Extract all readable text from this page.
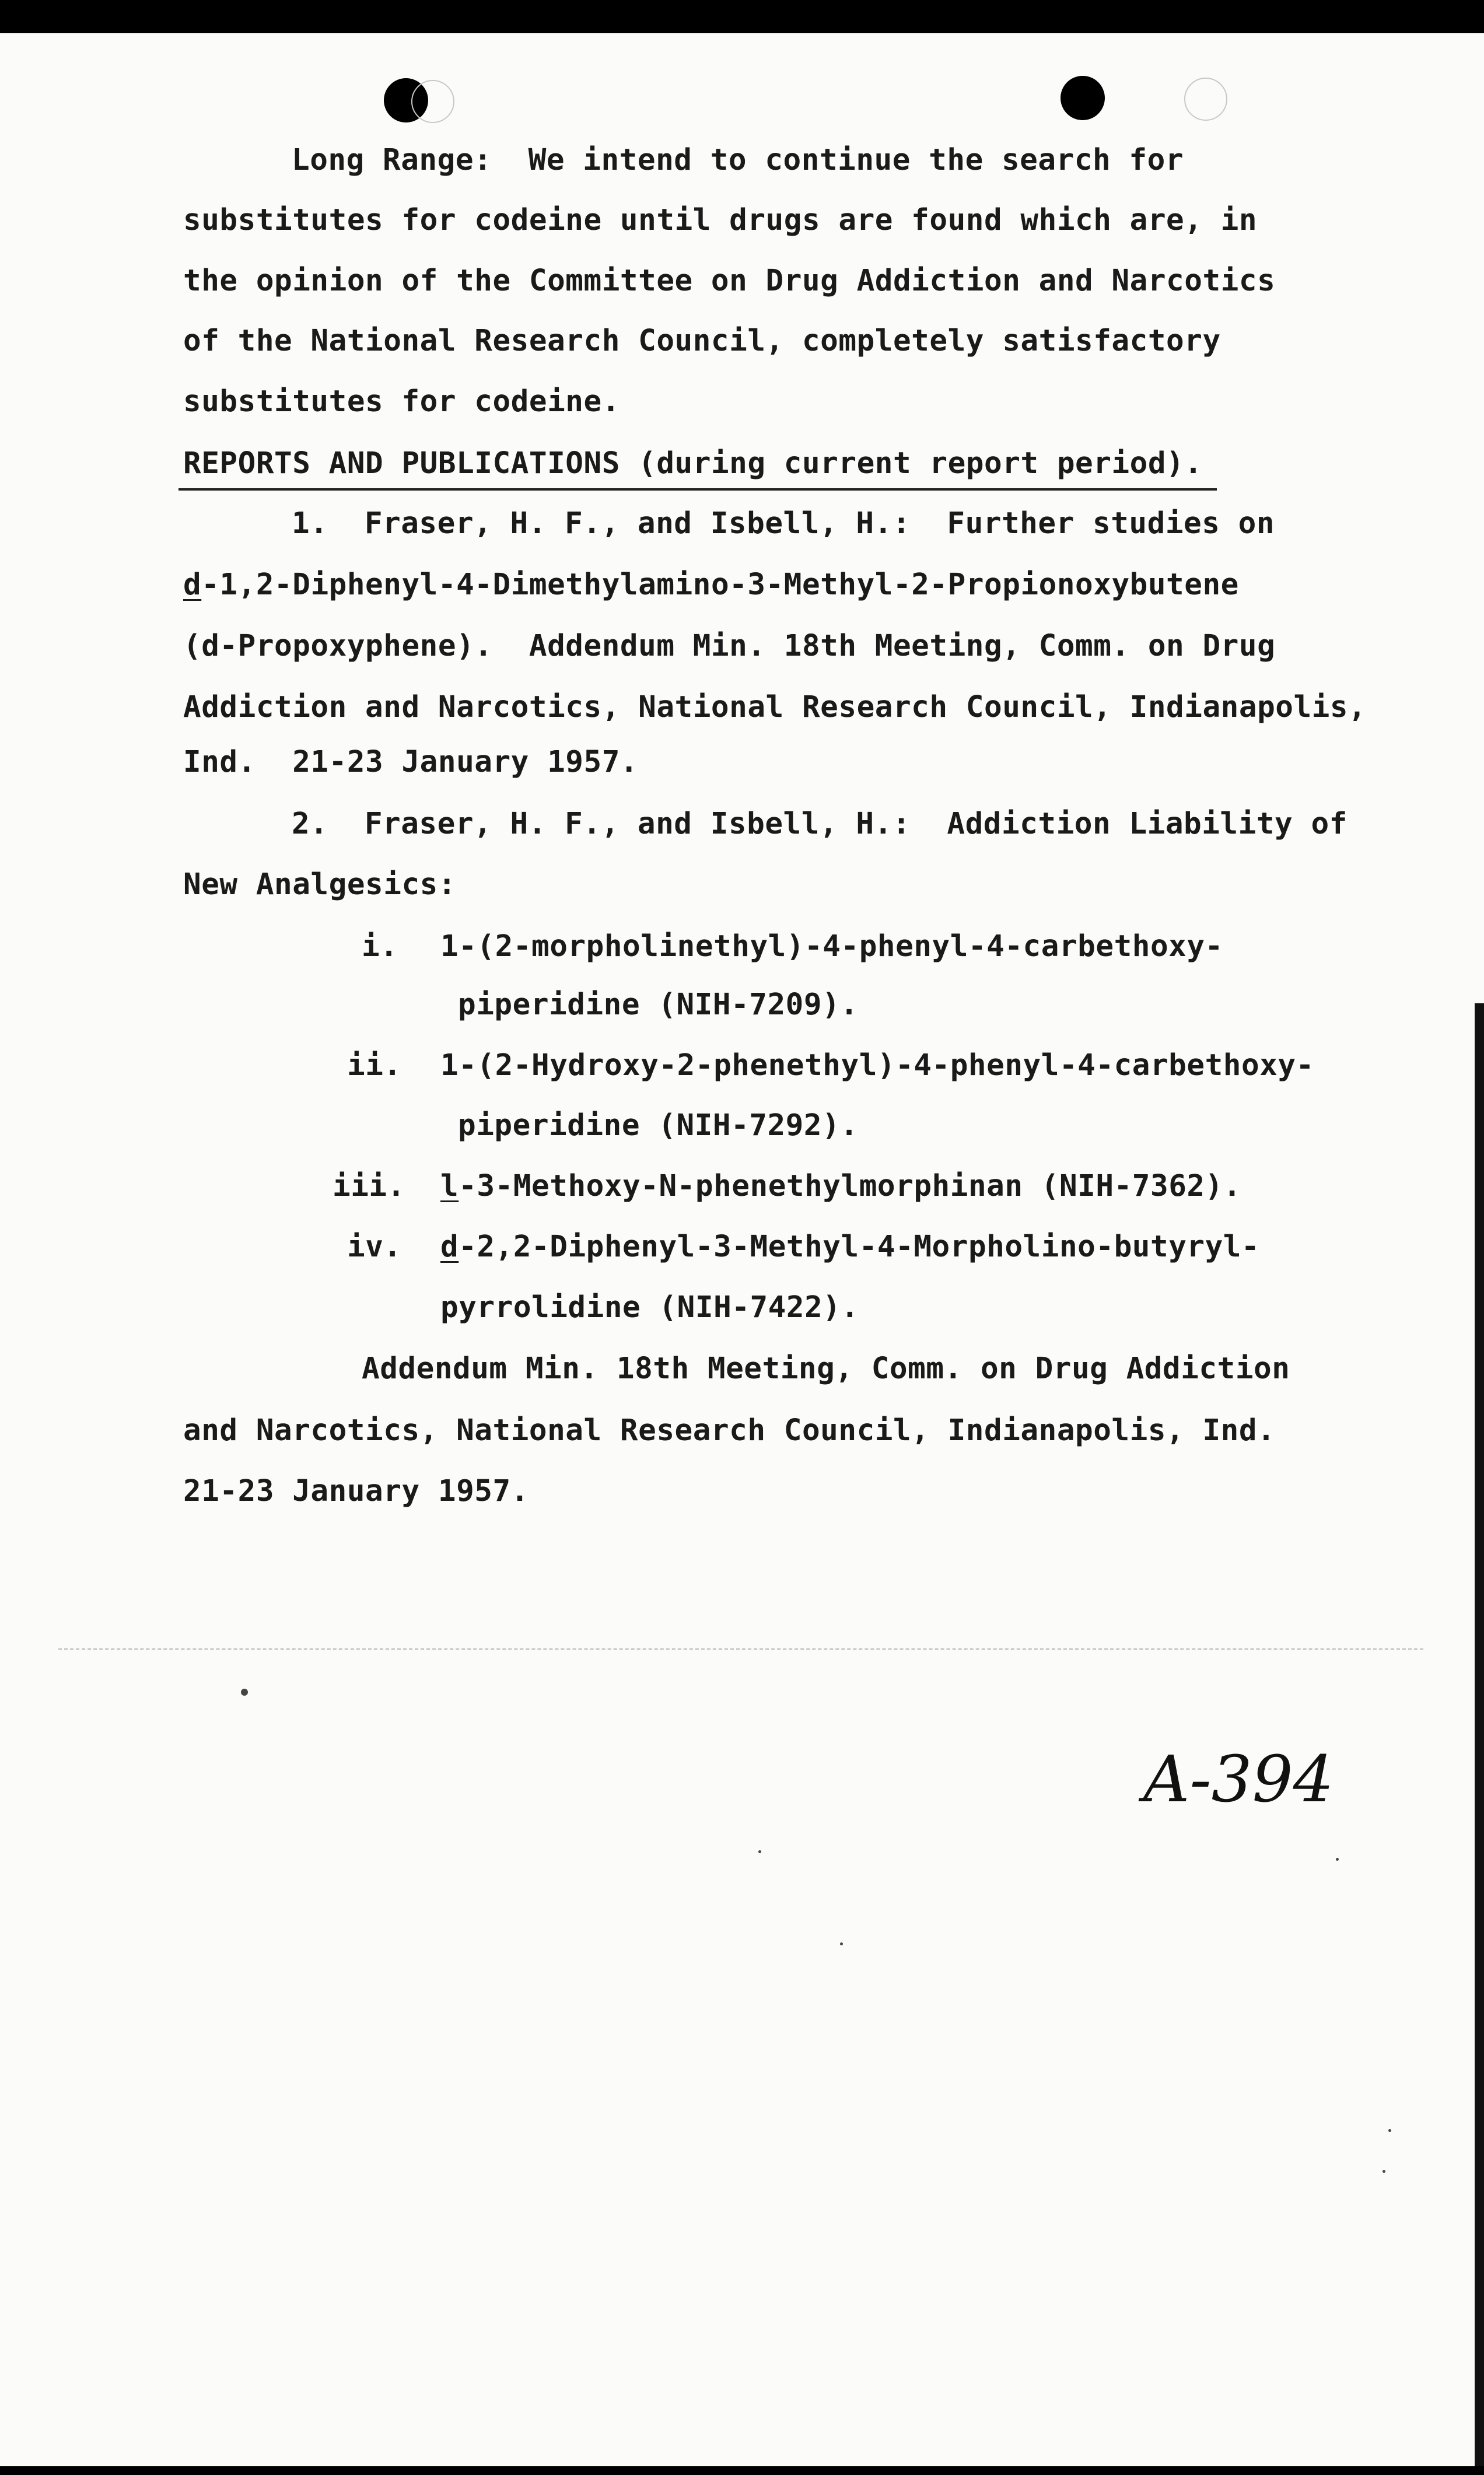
Long Range:  We intend to continue the search for
substitutes for codeine until drugs are found which are, in
the opinion of the Committee on Drug Addiction and Narcotics
of the National Research Council, completely satisfactory
substitutes for codeine.
REPORTS AND PUBLICATIONS (during current report period).
1.  Fraser, H. F., and Isbell, H.:  Further studies on
d-1,2-Diphenyl-4-Dimethylamino-3-Methyl-2-Propionoxybutene
(d-Propoxyphene).  Addendum Min. 18th Meeting, Comm. on Drug
Addiction and Narcotics, National Research Council, Indianapolis,
Ind.  21-23 January 1957.
2.  Fraser, H. F., and Isbell, H.:  Addiction Liability of
New Analgesics:
i. 1-(2-morpholinethyl)-4-phenyl-4-carbethoxy-
piperidine (NIH-7209).
ii. 1-(2-Hydroxy-2-phenethyl)-4-phenyl-4-carbethoxy-
piperidine (NIH-7292).
iii. l-3-Methoxy-N-phenethylmorphinan (NIH-7362).
iv. d-2,2-Diphenyl-3-Methyl-4-Morpholino-butyryl-
pyrrolidine (NIH-7422).
Addendum Min. 18th Meeting, Comm. on Drug Addiction
and Narcotics, National Research Council, Indianapolis, Ind.
21-23 January 1957.
A-394
